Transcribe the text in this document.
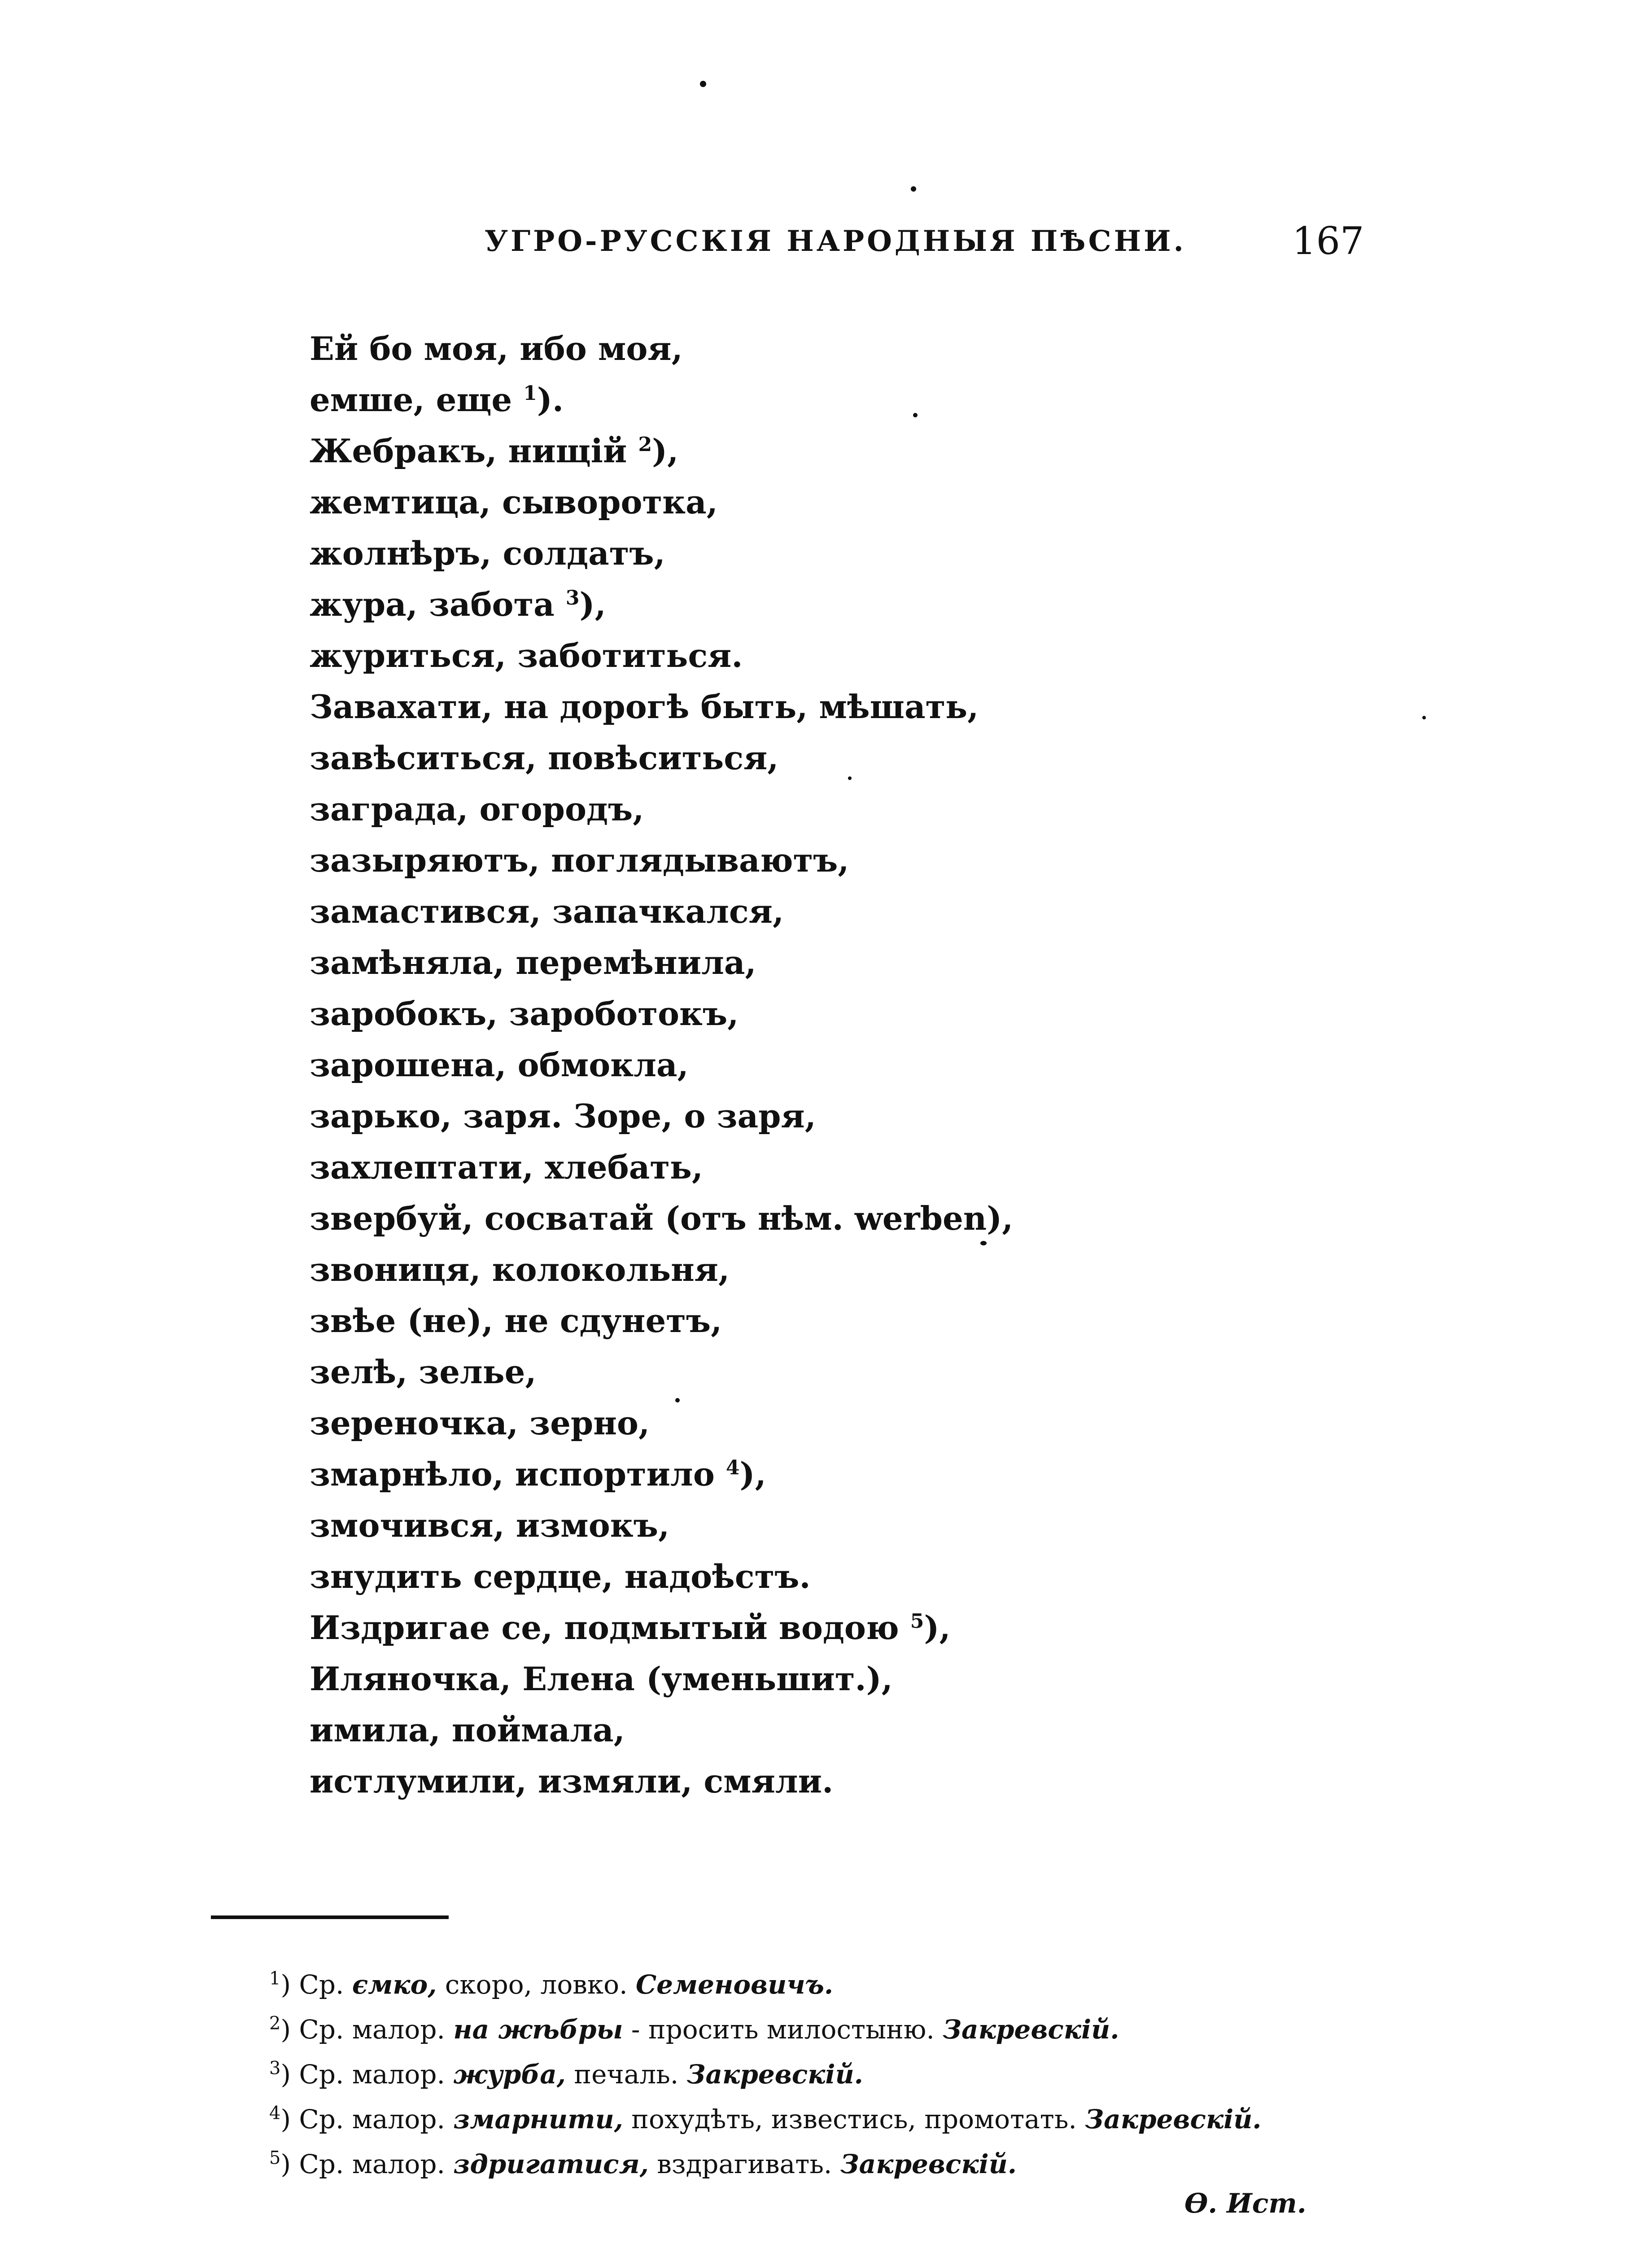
УГРО-РУССКІЯ НАРОДНЫЯ ПѢСНИ.	167
Ей бо моя, ибо моя,
емше, еще $^1$).
Жебракъ, нищій $^2$),
жемтица, сыворотка,
жолнѣръ, солдатъ,
жура, забота $^3$),
журиться, заботиться.
Завахати, на дорогѣ быть, мѣшать,
завѣситься, повѣситься,
заграда, огородъ,
зазыряютъ, поглядываютъ,
замастився, запачкался,
замѣняла, перемѣнила,
заробокъ, зароботокъ,
зарошена, обмокла,
зарько, заря. Зоре, о заря,
захлептати, хлебать,
звербуй, сосватай (отъ нѣм. werben),
звониця, колокольня,
звѣе (не), не сдунетъ,
зелѣ, зелье,
зереночка, зерно,
змарнѣло, испортило $^4$),
змочився, измокъ,
знудить сердце, надоѣстъ.
Издригае се, подмытый водою $^5$),
Иляночка, Елена (уменьшит.),
имила, поймала,
истлумили, измяли, смяли.
$^1$) Ср. ємко, скоро, ловко. Семеновичъ.
$^2$) Ср. малор. на жѣбры - просить милостыню. Закревскій.
$^3$) Ср. малор. журба, печаль. Закревскій.
$^4$) Ср. малор. змарнити, похудѣть, известись, промотать. Закревскій.
$^5$) Ср. малор. здригатися, вздрагивать. Закревскій.
Ѳ. Ист.
